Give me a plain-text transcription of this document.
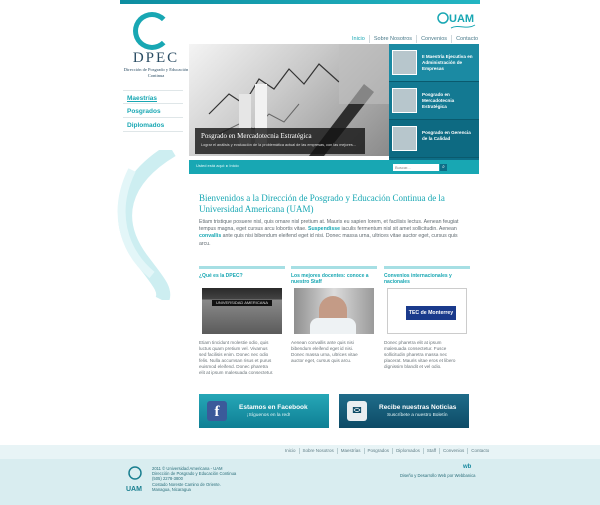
DPEC
Dirección de Posgrado y Educación Continua
UAM
Inicio	Sobre Nosotros	Convenios	Contacto
Maestrías
Posgrados
Diplomados
Posgrado en Mercadotecnia Estratégica
Lograr el análisis y evaluación de la problemática actual de las empresas, con las mejores...
II Maestría Ejecutiva en Administración de Empresas
Posgrado en Mercadotecnia Estratégica
Posgrado en Gerencia de la Calidad
Usted está aquí: ▸ Inicio	Buscar...	⌕
Bienvenidos a la Dirección de Posgrado y Educación Continua de la Universidad Americana (UAM)
Etiam tristique posuere nisl, quis ornare nisl pretium at. Mauris eu sapien lorem, et facilisis lectus. Aenean feugiat tempus magna, eget cursus arcu lobortis vitae. Suspendisse iaculis fermentum nisl sit amet sollicitudin. Aenean convallis ante quis nisi bibendum eleifend eget id nisi. Donec massa urna, ultrices vitae auctor eget, cursus quis arcu.
¿Qué es la DPEC?
UNIVERSIDAD AMERICANA
Etiam tincidunt molestie odio, quis luctus quam pretium vel. Vivamus sed facilisis enim. Donec nec odio felis. Nulla accumsan risus et purus euismod eleifend. Donec pharetra elit at ipsum malesuada consectetur.
Los mejores docentes: conoce a nuestro Staff
Aenean convallis ante quis nisi bibendum eleifend eget id nisi. Donec massa urna, ultrices vitae auctor eget, cursus quis arcu.
Convenios internacionales y nacionales
TEC de Monterrey
Donec pharetra elit at ipsum malesuada consectetur. Fusce sollicitudin pharetra massa nec placerat. Mauris vitae eros et libero dignissim blandit et vel odio.
f	Estamos en Facebook
¡Síguenos en la red!	✉	Recibe nuestras Noticias
Suscríbete a nuestro Boletín
Inicio	Sobre Nosotros	Maestrías	Posgrados	Diplomados	Staff	Convenios	Contacto
UAM
2011 © Universidad Americana - UAM
Dirección de Posgrado y Educación Continua
(505) 2278-3800
Costado Noreste Camino de Oriente.
Managua, Nicaragua
wb
Diseño y Desarrollo Web por Webbanica
